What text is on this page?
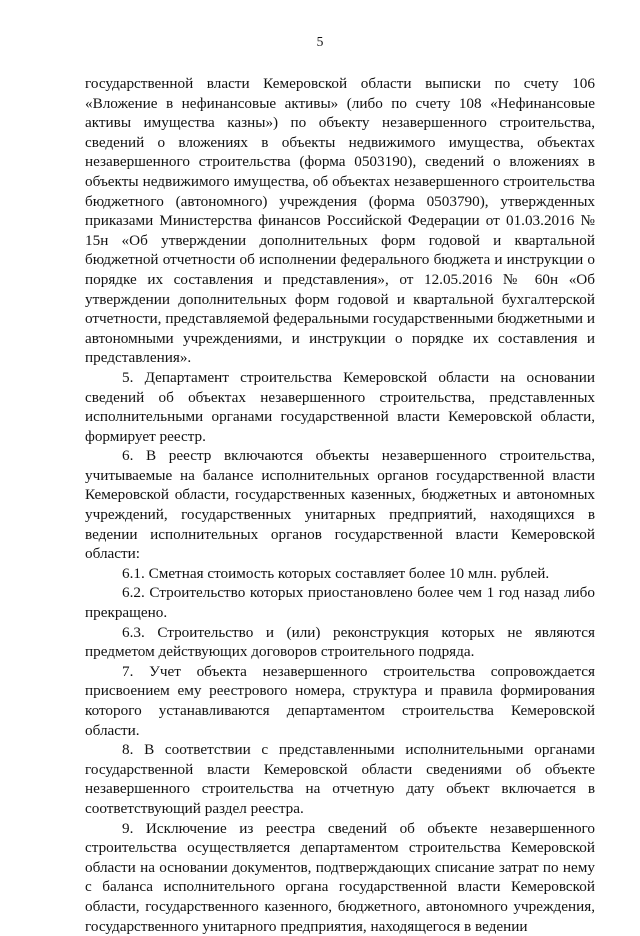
5

государственной власти Кемеровской области выписки по счету 106 «Вложение в нефинансовые активы» (либо по счету 108 «Нефинансовые активы имущества казны») по объекту незавершенного строительства, сведений о вложениях в объекты недвижимого имущества, объектах незавершенного строительства (форма 0503190), сведений о вложениях в объекты недвижимого имущества, об объектах незавершенного строительства бюджетного (автономного) учреждения (форма 0503790), утвержденных приказами Министерства финансов Российской Федерации от 01.03.2016 № 15н «Об утверждении дополнительных форм годовой и квартальной бюджетной отчетности об исполнении федерального бюджета и инструкции о порядке их составления и представления», от 12.05.2016 № 60н «Об утверждении дополнительных форм годовой и квартальной бухгалтерской отчетности, представляемой федеральными государственными бюджетными и автономными учреждениями, и инструкции о порядке их составления и представления».

5. Департамент строительства Кемеровской области на основании сведений об объектах незавершенного строительства, представленных исполнительными органами государственной власти Кемеровской области, формирует реестр.

6. В реестр включаются объекты незавершенного строительства, учитываемые на балансе исполнительных органов государственной власти Кемеровской области, государственных казенных, бюджетных и автономных учреждений, государственных унитарных предприятий, находящихся в ведении исполнительных органов государственной власти Кемеровской области:

6.1. Сметная стоимость которых составляет более 10 млн. рублей.

6.2. Строительство которых приостановлено более чем 1 год назад либо прекращено.

6.3. Строительство и (или) реконструкция которых не являются предметом действующих договоров строительного подряда.

7. Учет объекта незавершенного строительства сопровождается присвоением ему реестрового номера, структура и правила формирования которого устанавливаются департаментом строительства Кемеровской области.

8. В соответствии с представленными исполнительными органами государственной власти Кемеровской области сведениями об объекте незавершенного строительства на отчетную дату объект включается в соответствующий раздел реестра.

9. Исключение из реестра сведений об объекте незавершенного строительства осуществляется департаментом строительства Кемеровской области на основании документов, подтверждающих списание затрат по нему с баланса исполнительного органа государственной власти Кемеровской области, государственного казенного, бюджетного, автономного учреждения, государственного унитарного предприятия, находящегося в ведении
